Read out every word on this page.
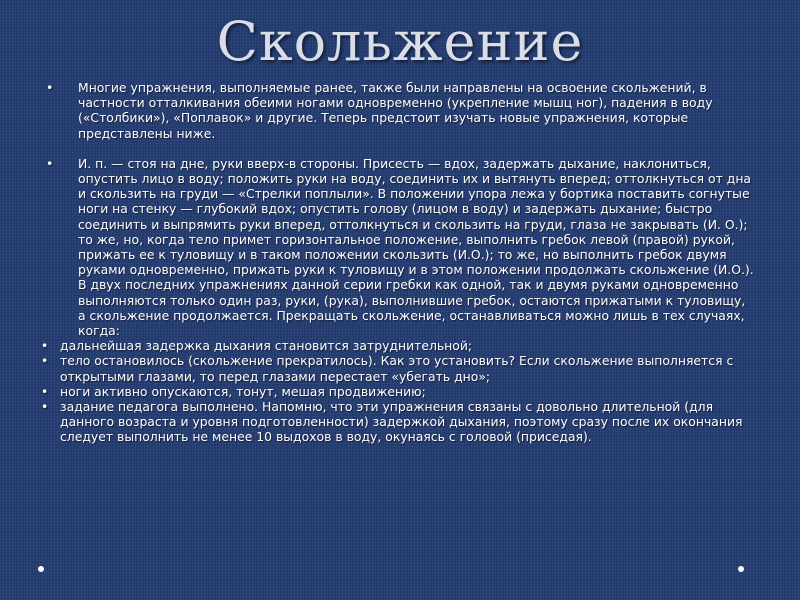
Скольжение

• Многие упражнения, выполняемые ранее, также были направлены на освоение скольжений, в частности отталкивания обеими ногами одновременно (укрепление мышц ног), падения в воду («Столбики»), «Поплавок» и другие. Теперь предстоит изучать новые упражнения, которые представлены ниже.

• И. п. — стоя на дне, руки вверх-в стороны. Присесть — вдох, задержать дыхание, наклониться, опустить лицо в воду; положить руки на воду, соединить их и вытянуть вперед; оттолкнуться от дна и скользить на груди — «Стрелки поплыли». В положении упора лежа у бортика поставить согнутые ноги на стенку — глубокий вдох; опустить голову (лицом в воду) и задержать дыхание; быстро соединить и выпрямить руки вперед, оттолкнуться и скользить на груди, глаза не закрывать (И. О.); то же, но, когда тело примет горизонтальное положение, выполнить гребок левой (правой) рукой, прижать ее к туловищу и в таком положении скользить (И.О.); то же, но выполнить гребок двумя руками одновременно, прижать руки к туловищу и в этом положении продолжать скольжение (И.О.). В двух последних упражнениях данной серии гребки как одной, так и двумя руками одновременно выполняются только один раз, руки, (рука), выполнившие гребок, остаются прижатыми к туловищу, а скольжение продолжается. Прекращать скольжение, останавливаться можно лишь в тех случаях, когда:

• дальнейшая задержка дыхания становится затруднительной;

• тело остановилось (скольжение прекратилось). Как это установить? Если скольжение выполняется с открытыми глазами, то перед глазами перестает «убегать дно»;

• ноги активно опускаются, тонут, мешая продвижению;

• задание педагога выполнено. Напомню, что эти упражнения связаны с довольно длительной (для данного возраста и уровня подготовленности) задержкой дыхания, поэтому сразу после их окончания следует выполнить не менее 10 выдохов в воду, окунаясь с головой (приседая).
